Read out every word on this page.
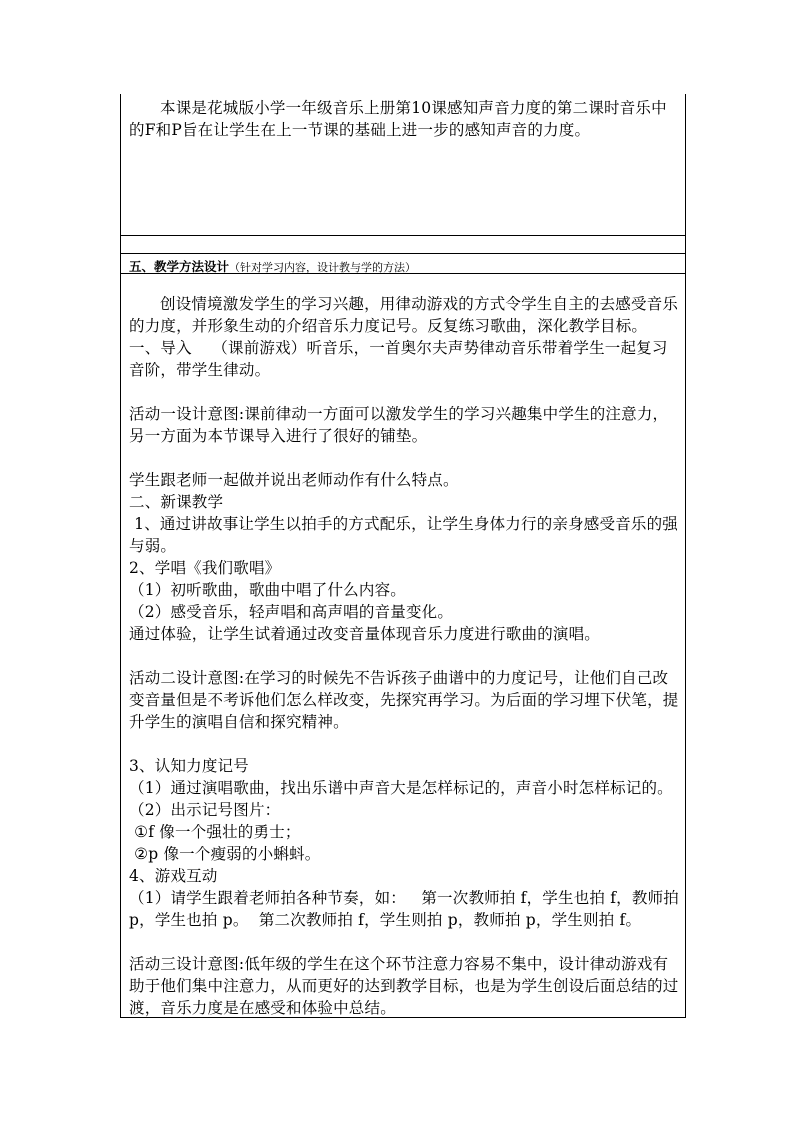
本课是花城版小学一年级音乐上册第10课感知声音力度的第二课时音乐中的F和P旨在让学生在上一节课的基础上进一步的感知声音的力度。

五、教学方法设计（针对学习内容，设计教与学的方法）

创设情境激发学生的学习兴趣，用律动游戏的方式令学生自主的去感受音乐的力度，并形象生动的介绍音乐力度记号。反复练习歌曲，深化教学目标。

一、导入    （课前游戏）听音乐，一首奥尔夫声势律动音乐带着学生一起复习音阶，带学生律动。

活动一设计意图:课前律动一方面可以激发学生的学习兴趣集中学生的注意力，另一方面为本节课导入进行了很好的铺垫。

学生跟老师一起做并说出老师动作有什么特点。

二、新课教学

1、通过讲故事让学生以拍手的方式配乐，让学生身体力行的亲身感受音乐的强与弱。

2、学唱《我们歌唱》

（1）初听歌曲，歌曲中唱了什么内容。

（2）感受音乐，轻声唱和高声唱的音量变化。

通过体验，让学生试着通过改变音量体现音乐力度进行歌曲的演唱。

活动二设计意图:在学习的时候先不告诉孩子曲谱中的力度记号，让他们自己改变音量但是不考诉他们怎么样改变，先探究再学习。为后面的学习埋下伏笔，提升学生的演唱自信和探究精神。

3、认知力度记号

（1）通过演唱歌曲，找出乐谱中声音大是怎样标记的，声音小时怎样标记的。

（2）出示记号图片：

①f 像一个强壮的勇士；

②p 像一个瘦弱的小蝌蚪。

4、游戏互动

（1）请学生跟着老师拍各种节奏，如：   第一次教师拍 f，学生也拍 f，教师拍 p，学生也拍 p。  第二次教师拍 f，学生则拍 p，教师拍 p，学生则拍 f。

活动三设计意图:低年级的学生在这个环节注意力容易不集中，设计律动游戏有助于他们集中注意力，从而更好的达到教学目标，也是为学生创设后面总结的过渡，音乐力度是在感受和体验中总结。
